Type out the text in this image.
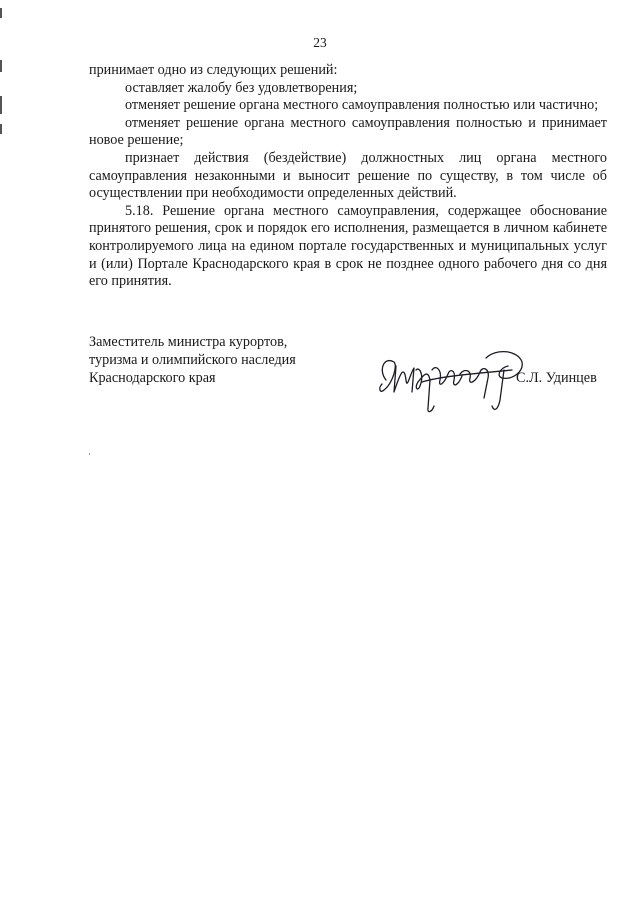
23

принимает одно из следующих решений:

оставляет жалобу без удовлетворения;

отменяет решение органа местного самоуправления полностью или частично;

отменяет решение органа местного самоуправления полностью и принимает новое решение;

признает действия (бездействие) должностных лиц органа местного самоуправления незаконными и выносит решение по существу, в том числе об осуществлении при необходимости определенных действий.

5.18. Решение органа местного самоуправления, содержащее обоснование принятого решения, срок и порядок его исполнения, размещается в личном кабинете контролируемого лица на едином портале государственных и муниципальных услуг и (или) Портале Краснодарского края в срок не позднее одного рабочего дня со дня его принятия.

Заместитель министра курортов,

туризма и олимпийского наследия

Краснодарского края	С.Л. Удинцев
